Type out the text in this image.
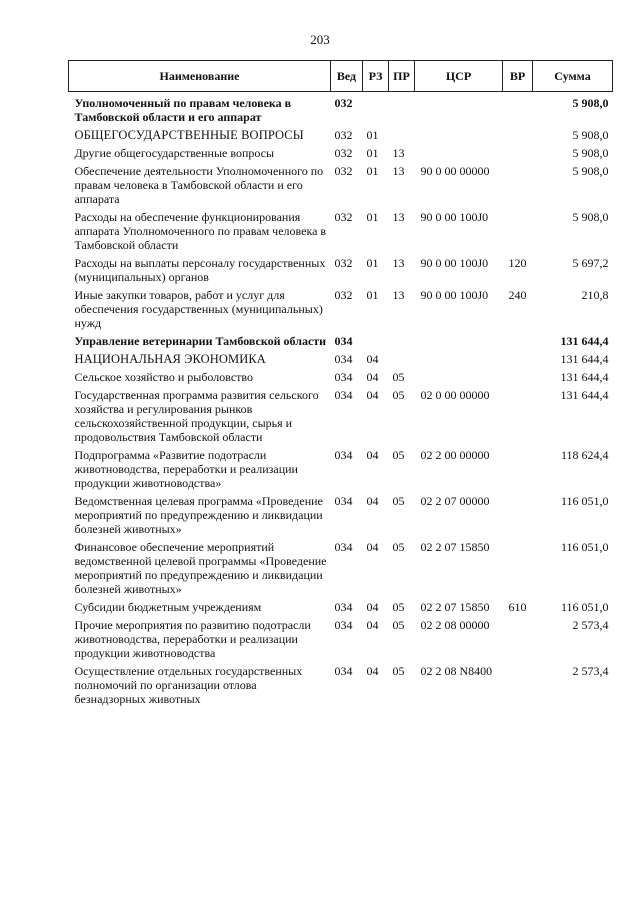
203
Наименование	Вед	РЗ	ПР	ЦСР	ВР	Сумма
Уполномоченный по правам человека в Тамбовской области и его аппарат	032					5 908,0
ОБЩЕГОСУДАРСТВЕННЫЕ ВОПРОСЫ	032	01				5 908,0
Другие общегосударственные вопросы	032	01	13			5 908,0
Обеспечение деятельности Уполномоченного по правам человека в Тамбовской области и его аппарата	032	01	13	90 0 00 00000		5 908,0
Расходы на обеспечение функционирования аппарата Уполномоченного по правам человека в Тамбовской области	032	01	13	90 0 00 100J0		5 908,0
Расходы на выплаты персоналу государственных (муниципальных) органов	032	01	13	90 0 00 100J0	120	5 697,2
Иные закупки товаров, работ и услуг для обеспечения государственных (муниципальных) нужд	032	01	13	90 0 00 100J0	240	210,8
Управление ветеринарии Тамбовской области	034					131 644,4
НАЦИОНАЛЬНАЯ ЭКОНОМИКА	034	04				131 644,4
Сельское хозяйство и рыболовство	034	04	05			131 644,4
Государственная программа развития сельского хозяйства и регулирования рынков сельскохозяйственной продукции, сырья и продовольствия Тамбовской области	034	04	05	02 0 00 00000		131 644,4
Подпрограмма «Развитие подотрасли животноводства, переработки и реализации продукции животноводства»	034	04	05	02 2 00 00000		118 624,4
Ведомственная целевая программа «Проведение мероприятий по предупреждению и ликвидации болезней животных»	034	04	05	02 2 07 00000		116 051,0
Финансовое обеспечение мероприятий ведомственной целевой программы «Проведение мероприятий по предупреждению и ликвидации болезней животных»	034	04	05	02 2 07 15850		116 051,0
Субсидии бюджетным учреждениям	034	04	05	02 2 07 15850	610	116 051,0
Прочие мероприятия по развитию подотрасли животноводства, переработки и реализации продукции животноводства	034	04	05	02 2 08 00000		2 573,4
Осуществление отдельных государственных полномочий по организации отлова безнадзорных животных	034	04	05	02 2 08 N8400		2 573,4
